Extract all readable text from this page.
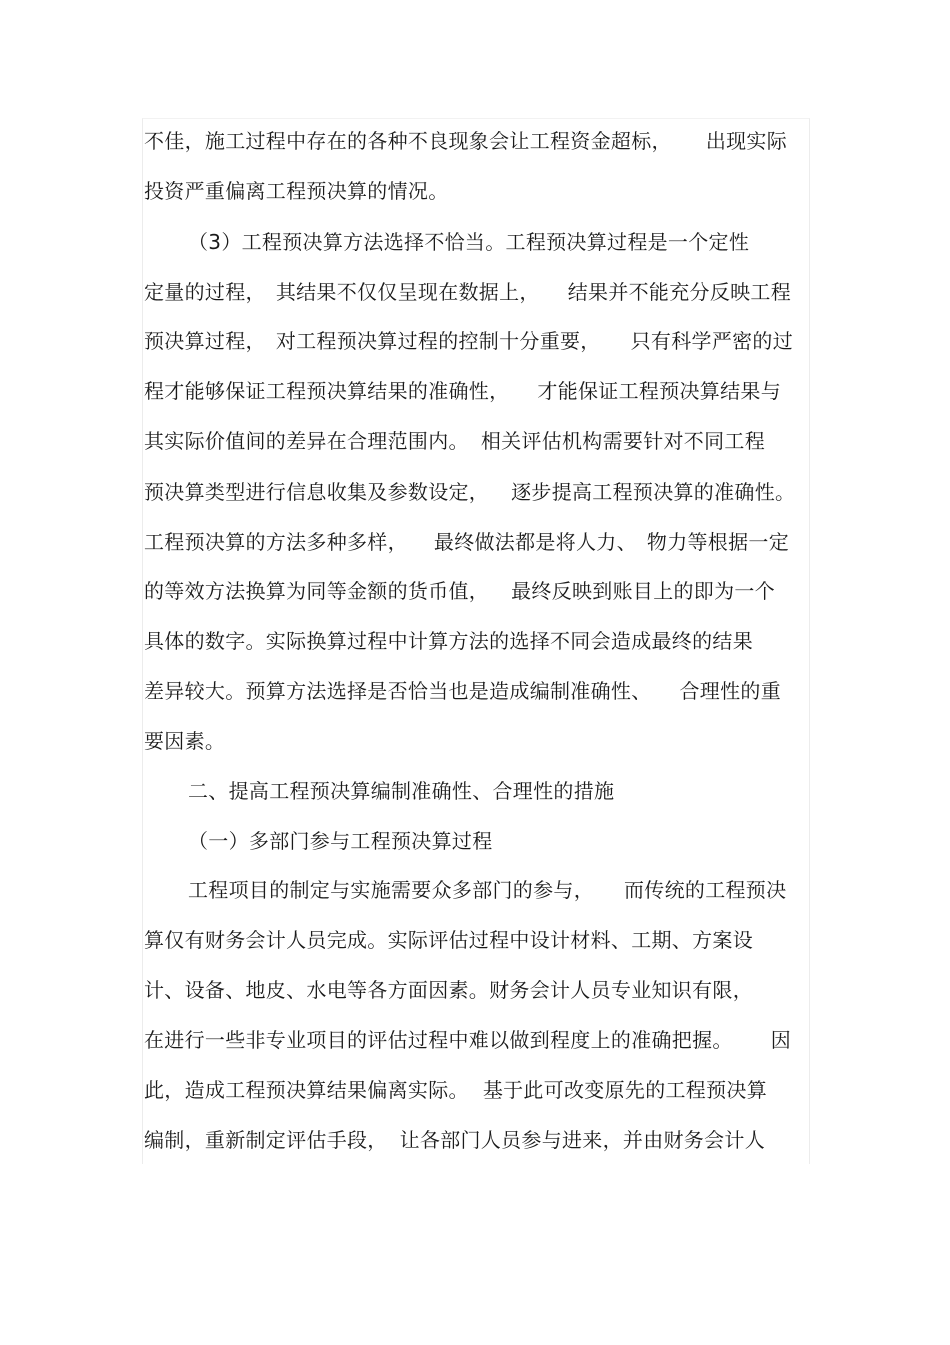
不佳，施工过程中存在的各种不良现象会让工程资金超标， 出现实际
投资严重偏离工程预决算的情况。
（3）工程预决算方法选择不恰当。工程预决算过程是一个定性
定量的过程， 其结果不仅仅呈现在数据上， 结果并不能充分反映工程
预决算过程， 对工程预决算过程的控制十分重要， 只有科学严密的过
程才能够保证工程预决算结果的准确性， 才能保证工程预决算结果与
其实际价值间的差异在合理范围内。 相关评估机构需要针对不同工程
预决算类型进行信息收集及参数设定， 逐步提高工程预决算的准确性。
工程预决算的方法多种多样， 最终做法都是将人力、 物力等根据一定
的等效方法换算为同等金额的货币值， 最终反映到账目上的即为一个
具体的数字。实际换算过程中计算方法的选择不同会造成最终的结果
差异较大。预算方法选择是否恰当也是造成编制准确性、 合理性的重
要因素。
二、提高工程预决算编制准确性、合理性的措施
（一）多部门参与工程预决算过程
工程项目的制定与实施需要众多部门的参与， 而传统的工程预决
算仅有财务会计人员完成。实际评估过程中设计材料、工期、方案设
计、设备、地皮、水电等各方面因素。财务会计人员专业知识有限，
在进行一些非专业项目的评估过程中难以做到程度上的准确把握。 因
此，造成工程预决算结果偏离实际。 基于此可改变原先的工程预决算
编制，重新制定评估手段， 让各部门人员参与进来，并由财务会计人
